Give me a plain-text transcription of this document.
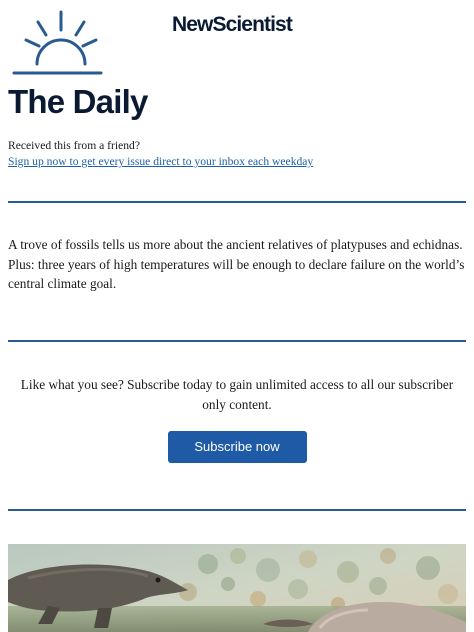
NewScientist
The Daily
Received this from a friend?
Sign up now to get every issue direct to your inbox each weekday

A trove of fossils tells us more about the ancient relatives of platypuses and echidnas. Plus: three years of high temperatures will be enough to declare failure on the world’s central climate goal.

Like what you see? Subscribe today to gain unlimited access to all our subscriber only content.

Subscribe now
